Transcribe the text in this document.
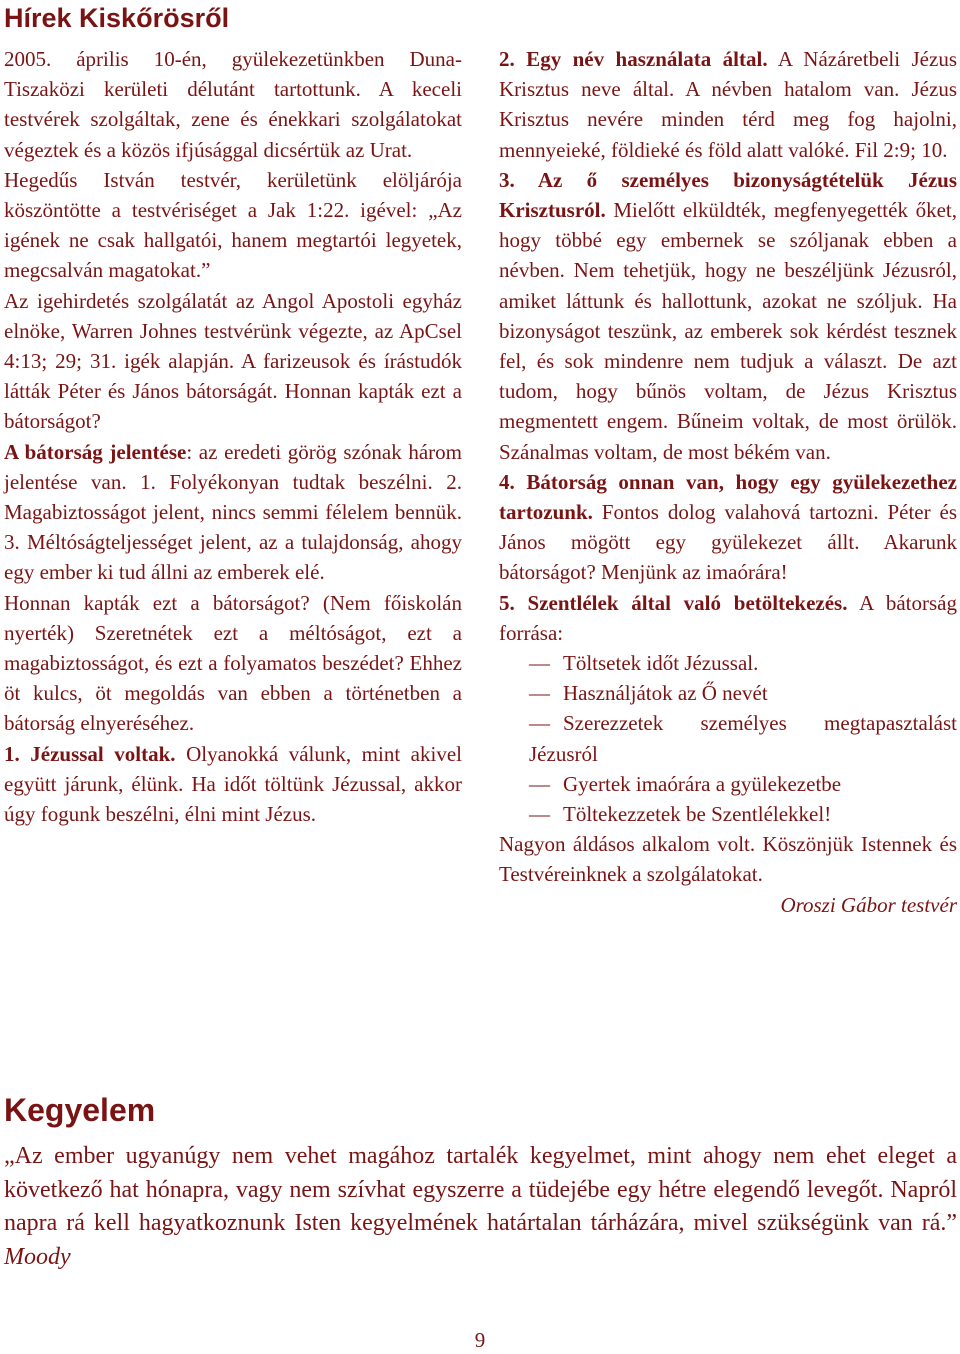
Hírek Kiskőrösről

2005. április 10-én, gyülekezetünkben Duna-Tiszaközi kerületi délutánt tartottunk. A keceli testvérek szolgáltak, zene és énekkari szolgálatokat végeztek és a közös ifjúsággal dicsértük az Urat.

Hegedűs István testvér, kerületünk elöljárója köszöntötte a testvériséget a Jak 1:22. igével: „Az igének ne csak hallgatói, hanem megtartói legyetek, megcsalván magatokat.”

Az igehirdetés szolgálatát az Angol Apostoli egyház elnöke, Warren Johnes testvérünk végezte, az ApCsel 4:13; 29; 31. igék alapján. A farizeusok és írástudók látták Péter és János bátorságát. Honnan kapták ezt a bátorságot?

A bátorság jelentése: az eredeti görög szónak három jelentése van. 1. Folyékonyan tudtak beszélni. 2. Magabiztosságot jelent, nincs semmi félelem bennük. 3. Méltóságteljességet jelent, az a tulajdonság, ahogy egy ember ki tud állni az emberek elé.

Honnan kapták ezt a bátorságot? (Nem főiskolán nyerték) Szeretnétek ezt a méltóságot, ezt a magabiztosságot, és ezt a folyamatos beszédet? Ehhez öt kulcs, öt megoldás van ebben a történetben a bátorság elnyeréséhez.

1. Jézussal voltak. Olyanokká válunk, mint akivel együtt járunk, élünk. Ha időt töltünk Jézussal, akkor úgy fogunk beszélni, élni mint Jézus.

2. Egy név használata által. A Názáretbeli Jézus Krisztus neve által. A névben hatalom van. Jézus Krisztus nevére minden térd meg fog hajolni, mennyeieké, földieké és föld alatt valóké. Fil 2:9; 10.

3. Az ő személyes bizonyságtételük Jézus Krisztusról. Mielőtt elküldték, megfenyegették őket, hogy többé egy embernek se szóljanak ebben a névben. Nem tehetjük, hogy ne beszéljünk Jézusról, amiket láttunk és hallottunk, azokat ne szóljuk. Ha bizonyságot teszünk, az emberek sok kérdést tesznek fel, és sok mindenre nem tudjuk a választ. De azt tudom, hogy bűnös voltam, de Jézus Krisztus megmentett engem. Bűneim voltak, de most örülök. Szánalmas voltam, de most békém van.

4. Bátorság onnan van, hogy egy gyülekezethez tartozunk. Fontos dolog valahová tartozni. Péter és János mögött egy gyülekezet állt. Akarunk bátorságot? Menjünk az imaórára!

5. Szentlélek által való betöltekezés. A bátorság forrása:

— Töltsetek időt Jézussal.

— Használjátok az Ő nevét

— Szerezzetek személyes megtapasztalást Jézusról

— Gyertek imaórára a gyülekezetbe

— Töltekezzetek be Szentlélekkel!

Nagyon áldásos alkalom volt. Köszönjük Istennek és Testvéreinknek a szolgálatokat.

Oroszi Gábor testvér

Kegyelem

„Az ember ugyanúgy nem vehet magához tartalék kegyelmet, mint ahogy nem ehet eleget a következő hat hónapra, vagy nem szívhat egyszerre a tüdejébe egy hétre elegendő levegőt. Napról napra rá kell hagyatkoznunk Isten kegyelmének határtalan tárházára, mivel szükségünk van rá.” Moody

9
